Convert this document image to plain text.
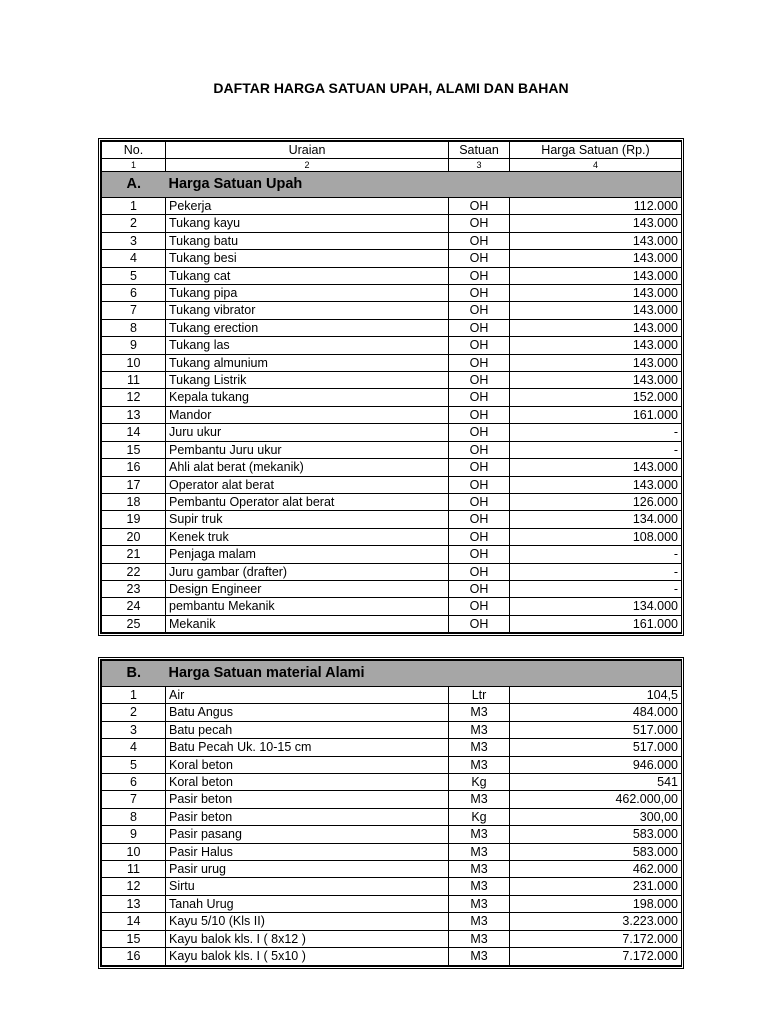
DAFTAR HARGA SATUAN UPAH, ALAMI DAN BAHAN
No.	Uraian	Satuan	Harga Satuan (Rp.)
1	2	3	4
A.	Harga Satuan Upah		
1	Pekerja	OH	112.000
2	Tukang kayu	OH	143.000
3	Tukang batu	OH	143.000
4	Tukang besi	OH	143.000
5	Tukang cat	OH	143.000
6	Tukang pipa	OH	143.000
7	Tukang vibrator	OH	143.000
8	Tukang erection	OH	143.000
9	Tukang las	OH	143.000
10	Tukang almunium	OH	143.000
11	Tukang Listrik	OH	143.000
12	Kepala tukang	OH	152.000
13	Mandor	OH	161.000
14	Juru ukur	OH	-
15	Pembantu Juru ukur	OH	-
16	Ahli alat berat (mekanik)	OH	143.000
17	Operator alat berat	OH	143.000
18	Pembantu Operator alat berat	OH	126.000
19	Supir truk	OH	134.000
20	Kenek truk	OH	108.000
21	Penjaga malam	OH	-
22	Juru gambar (drafter)	OH	-
23	Design Engineer	OH	-
24	pembantu Mekanik	OH	134.000
25	Mekanik	OH	161.000
B.	Harga Satuan material Alami		
1	Air	Ltr	104,5
2	Batu Angus	M3	484.000
3	Batu pecah	M3	517.000
4	Batu Pecah Uk. 10-15 cm	M3	517.000
5	Koral beton	M3	946.000
6	Koral beton	Kg	541
7	Pasir beton	M3	462.000,00
8	Pasir beton	Kg	300,00
9	Pasir pasang	M3	583.000
10	Pasir Halus	M3	583.000
11	Pasir urug	M3	462.000
12	Sirtu	M3	231.000
13	Tanah Urug	M3	198.000
14	Kayu 5/10 (Kls II)	M3	3.223.000
15	Kayu balok kls. I ( 8x12 )	M3	7.172.000
16	Kayu balok kls. I ( 5x10 )	M3	7.172.000
